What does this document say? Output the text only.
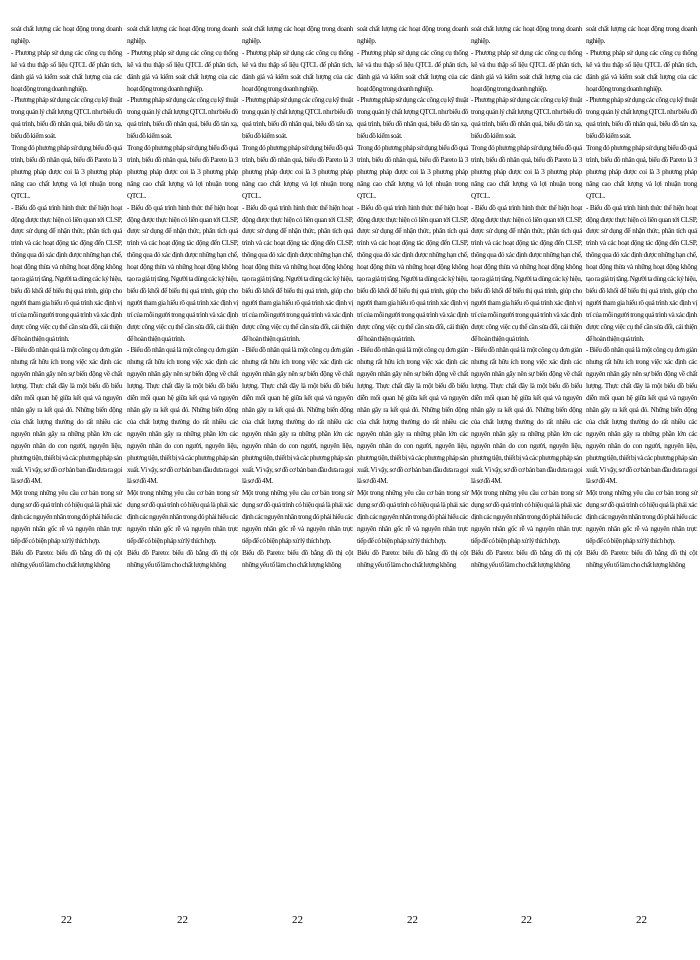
soát chất lượng các hoạt động trong doanh nghiệp.

- Phương pháp sử dụng các công cụ thống kê và thu thập số liệu QTCL để phân tích, đánh giá và kiểm soát chất lượng của các hoạt động trong doanh nghiệp.

- Phương pháp sử dụng các công cụ kỹ thuật trong quản lý chất lượng QTCL như biểu đồ quá trình, biểu đồ nhân quả, biểu đồ tán xạ, biểu đồ kiểm soát.

Trong đó phương pháp sử dụng biểu đồ quá trình, biểu đồ nhân quả, biểu đồ Pareto là 3 phương pháp được coi là 3 phương pháp nâng cao chất lượng và lợi nhuận trong QTCL.

- Biểu đồ quá trình hình thức thể hiện hoạt động được thực hiện có liên quan tới CLSP, được sử dụng để nhận thức, phân tích quá trình và các hoạt động tác động đến CLSP, thông qua đó xác định được những hạn chế, hoạt động thừa và những hoạt động không tạo ra giá trị tăng. Người ta dùng các ký hiệu, biểu đồ khối để biểu thị quá trình, giúp cho người tham gia hiểu rõ quá trình xác định vị trí của mỗi người trong quá trình và xác định được công việc cụ thể cần sửa đổi, cải thiện để hoàn thiện quá trình.

- Biểu đồ nhân quả là một công cụ đơn giản nhưng rất hữu ích trong việc xác định các nguyên nhân gây nên sự biến động về chất lượng. Thực chất đây là một biểu đồ biểu diễn mối quan hệ giữa kết quả và nguyên nhân gây ra kết quả đó. Những biến động của chất lượng thường do rất nhiều các nguyên nhân gây ra những phần lớn các nguyên nhân do con người, nguyên liệu, phương tiện, thiết bị và các phương pháp sản xuất. Vì vậy, sơ đồ cơ bản ban đầu đưa ra gọi là sơ đồ 4M.

Một trong những yêu cầu cơ bản trong sử dụng sơ đồ quá trình có hiệu quả là phải xác định các nguyên nhân trong đó phải hiểu các nguyên nhân gốc rễ và nguyên nhân trực tiếp để có biện pháp xử lý thích hợp.

Biểu đồ Pareto: biểu đồ bằng đồ thị cột những yếu tố làm cho chất lượng không

22

soát chất lượng các hoạt động trong doanh nghiệp.

- Phương pháp sử dụng các công cụ thống kê và thu thập số liệu QTCL để phân tích, đánh giá và kiểm soát chất lượng của các hoạt động trong doanh nghiệp.

- Phương pháp sử dụng các công cụ kỹ thuật trong quản lý chất lượng QTCL như biểu đồ quá trình, biểu đồ nhân quả, biểu đồ tán xạ, biểu đồ kiểm soát.

Trong đó phương pháp sử dụng biểu đồ quá trình, biểu đồ nhân quả, biểu đồ Pareto là 3 phương pháp được coi là 3 phương pháp nâng cao chất lượng và lợi nhuận trong QTCL.

- Biểu đồ quá trình hình thức thể hiện hoạt động được thực hiện có liên quan tới CLSP, được sử dụng để nhận thức, phân tích quá trình và các hoạt động tác động đến CLSP, thông qua đó xác định được những hạn chế, hoạt động thừa và những hoạt động không tạo ra giá trị tăng. Người ta dùng các ký hiệu, biểu đồ khối để biểu thị quá trình, giúp cho người tham gia hiểu rõ quá trình xác định vị trí của mỗi người trong quá trình và xác định được công việc cụ thể cần sửa đổi, cải thiện để hoàn thiện quá trình.

- Biểu đồ nhân quả là một công cụ đơn giản nhưng rất hữu ích trong việc xác định các nguyên nhân gây nên sự biến động về chất lượng. Thực chất đây là một biểu đồ biểu diễn mối quan hệ giữa kết quả và nguyên nhân gây ra kết quả đó. Những biến động của chất lượng thường do rất nhiều các nguyên nhân gây ra những phần lớn các nguyên nhân do con người, nguyên liệu, phương tiện, thiết bị và các phương pháp sản xuất. Vì vậy, sơ đồ cơ bản ban đầu đưa ra gọi là sơ đồ 4M.

Một trong những yêu cầu cơ bản trong sử dụng sơ đồ quá trình có hiệu quả là phải xác định các nguyên nhân trong đó phải hiểu các nguyên nhân gốc rễ và nguyên nhân trực tiếp để có biện pháp xử lý thích hợp.

Biểu đồ Pareto: biểu đồ bằng đồ thị cột những yếu tố làm cho chất lượng không

22

soát chất lượng các hoạt động trong doanh nghiệp.

- Phương pháp sử dụng các công cụ thống kê và thu thập số liệu QTCL để phân tích, đánh giá và kiểm soát chất lượng của các hoạt động trong doanh nghiệp.

- Phương pháp sử dụng các công cụ kỹ thuật trong quản lý chất lượng QTCL như biểu đồ quá trình, biểu đồ nhân quả, biểu đồ tán xạ, biểu đồ kiểm soát.

Trong đó phương pháp sử dụng biểu đồ quá trình, biểu đồ nhân quả, biểu đồ Pareto là 3 phương pháp được coi là 3 phương pháp nâng cao chất lượng và lợi nhuận trong QTCL.

- Biểu đồ quá trình hình thức thể hiện hoạt động được thực hiện có liên quan tới CLSP, được sử dụng để nhận thức, phân tích quá trình và các hoạt động tác động đến CLSP, thông qua đó xác định được những hạn chế, hoạt động thừa và những hoạt động không tạo ra giá trị tăng. Người ta dùng các ký hiệu, biểu đồ khối để biểu thị quá trình, giúp cho người tham gia hiểu rõ quá trình xác định vị trí của mỗi người trong quá trình và xác định được công việc cụ thể cần sửa đổi, cải thiện để hoàn thiện quá trình.

- Biểu đồ nhân quả là một công cụ đơn giản nhưng rất hữu ích trong việc xác định các nguyên nhân gây nên sự biến động về chất lượng. Thực chất đây là một biểu đồ biểu diễn mối quan hệ giữa kết quả và nguyên nhân gây ra kết quả đó. Những biến động của chất lượng thường do rất nhiều các nguyên nhân gây ra những phần lớn các nguyên nhân do con người, nguyên liệu, phương tiện, thiết bị và các phương pháp sản xuất. Vì vậy, sơ đồ cơ bản ban đầu đưa ra gọi là sơ đồ 4M.

Một trong những yêu cầu cơ bản trong sử dụng sơ đồ quá trình có hiệu quả là phải xác định các nguyên nhân trong đó phải hiểu các nguyên nhân gốc rễ và nguyên nhân trực tiếp để có biện pháp xử lý thích hợp.

Biểu đồ Pareto: biểu đồ bằng đồ thị cột những yếu tố làm cho chất lượng không

22

soát chất lượng các hoạt động trong doanh nghiệp.

- Phương pháp sử dụng các công cụ thống kê và thu thập số liệu QTCL để phân tích, đánh giá và kiểm soát chất lượng của các hoạt động trong doanh nghiệp.

- Phương pháp sử dụng các công cụ kỹ thuật trong quản lý chất lượng QTCL như biểu đồ quá trình, biểu đồ nhân quả, biểu đồ tán xạ, biểu đồ kiểm soát.

Trong đó phương pháp sử dụng biểu đồ quá trình, biểu đồ nhân quả, biểu đồ Pareto là 3 phương pháp được coi là 3 phương pháp nâng cao chất lượng và lợi nhuận trong QTCL.

- Biểu đồ quá trình hình thức thể hiện hoạt động được thực hiện có liên quan tới CLSP, được sử dụng để nhận thức, phân tích quá trình và các hoạt động tác động đến CLSP, thông qua đó xác định được những hạn chế, hoạt động thừa và những hoạt động không tạo ra giá trị tăng. Người ta dùng các ký hiệu, biểu đồ khối để biểu thị quá trình, giúp cho người tham gia hiểu rõ quá trình xác định vị trí của mỗi người trong quá trình và xác định được công việc cụ thể cần sửa đổi, cải thiện để hoàn thiện quá trình.

- Biểu đồ nhân quả là một công cụ đơn giản nhưng rất hữu ích trong việc xác định các nguyên nhân gây nên sự biến động về chất lượng. Thực chất đây là một biểu đồ biểu diễn mối quan hệ giữa kết quả và nguyên nhân gây ra kết quả đó. Những biến động của chất lượng thường do rất nhiều các nguyên nhân gây ra những phần lớn các nguyên nhân do con người, nguyên liệu, phương tiện, thiết bị và các phương pháp sản xuất. Vì vậy, sơ đồ cơ bản ban đầu đưa ra gọi là sơ đồ 4M.

Một trong những yêu cầu cơ bản trong sử dụng sơ đồ quá trình có hiệu quả là phải xác định các nguyên nhân trong đó phải hiểu các nguyên nhân gốc rễ và nguyên nhân trực tiếp để có biện pháp xử lý thích hợp.

Biểu đồ Pareto: biểu đồ bằng đồ thị cột những yếu tố làm cho chất lượng không

22

soát chất lượng các hoạt động trong doanh nghiệp.

- Phương pháp sử dụng các công cụ thống kê và thu thập số liệu QTCL để phân tích, đánh giá và kiểm soát chất lượng của các hoạt động trong doanh nghiệp.

- Phương pháp sử dụng các công cụ kỹ thuật trong quản lý chất lượng QTCL như biểu đồ quá trình, biểu đồ nhân quả, biểu đồ tán xạ, biểu đồ kiểm soát.

Trong đó phương pháp sử dụng biểu đồ quá trình, biểu đồ nhân quả, biểu đồ Pareto là 3 phương pháp được coi là 3 phương pháp nâng cao chất lượng và lợi nhuận trong QTCL.

- Biểu đồ quá trình hình thức thể hiện hoạt động được thực hiện có liên quan tới CLSP, được sử dụng để nhận thức, phân tích quá trình và các hoạt động tác động đến CLSP, thông qua đó xác định được những hạn chế, hoạt động thừa và những hoạt động không tạo ra giá trị tăng. Người ta dùng các ký hiệu, biểu đồ khối để biểu thị quá trình, giúp cho người tham gia hiểu rõ quá trình xác định vị trí của mỗi người trong quá trình và xác định được công việc cụ thể cần sửa đổi, cải thiện để hoàn thiện quá trình.

- Biểu đồ nhân quả là một công cụ đơn giản nhưng rất hữu ích trong việc xác định các nguyên nhân gây nên sự biến động về chất lượng. Thực chất đây là một biểu đồ biểu diễn mối quan hệ giữa kết quả và nguyên nhân gây ra kết quả đó. Những biến động của chất lượng thường do rất nhiều các nguyên nhân gây ra những phần lớn các nguyên nhân do con người, nguyên liệu, phương tiện, thiết bị và các phương pháp sản xuất. Vì vậy, sơ đồ cơ bản ban đầu đưa ra gọi là sơ đồ 4M.

Một trong những yêu cầu cơ bản trong sử dụng sơ đồ quá trình có hiệu quả là phải xác định các nguyên nhân trong đó phải hiểu các nguyên nhân gốc rễ và nguyên nhân trực tiếp để có biện pháp xử lý thích hợp.

Biểu đồ Pareto: biểu đồ bằng đồ thị cột những yếu tố làm cho chất lượng không

22

soát chất lượng các hoạt động trong doanh nghiệp.

- Phương pháp sử dụng các công cụ thống kê và thu thập số liệu QTCL để phân tích, đánh giá và kiểm soát chất lượng của các hoạt động trong doanh nghiệp.

- Phương pháp sử dụng các công cụ kỹ thuật trong quản lý chất lượng QTCL như biểu đồ quá trình, biểu đồ nhân quả, biểu đồ tán xạ, biểu đồ kiểm soát.

Trong đó phương pháp sử dụng biểu đồ quá trình, biểu đồ nhân quả, biểu đồ Pareto là 3 phương pháp được coi là 3 phương pháp nâng cao chất lượng và lợi nhuận trong QTCL.

- Biểu đồ quá trình hình thức thể hiện hoạt động được thực hiện có liên quan tới CLSP, được sử dụng để nhận thức, phân tích quá trình và các hoạt động tác động đến CLSP, thông qua đó xác định được những hạn chế, hoạt động thừa và những hoạt động không tạo ra giá trị tăng. Người ta dùng các ký hiệu, biểu đồ khối để biểu thị quá trình, giúp cho người tham gia hiểu rõ quá trình xác định vị trí của mỗi người trong quá trình và xác định được công việc cụ thể cần sửa đổi, cải thiện để hoàn thiện quá trình.

- Biểu đồ nhân quả là một công cụ đơn giản nhưng rất hữu ích trong việc xác định các nguyên nhân gây nên sự biến động về chất lượng. Thực chất đây là một biểu đồ biểu diễn mối quan hệ giữa kết quả và nguyên nhân gây ra kết quả đó. Những biến động của chất lượng thường do rất nhiều các nguyên nhân gây ra những phần lớn các nguyên nhân do con người, nguyên liệu, phương tiện, thiết bị và các phương pháp sản xuất. Vì vậy, sơ đồ cơ bản ban đầu đưa ra gọi là sơ đồ 4M.

Một trong những yêu cầu cơ bản trong sử dụng sơ đồ quá trình có hiệu quả là phải xác định các nguyên nhân trong đó phải hiểu các nguyên nhân gốc rễ và nguyên nhân trực tiếp để có biện pháp xử lý thích hợp.

Biểu đồ Pareto: biểu đồ bằng đồ thị cột những yếu tố làm cho chất lượng không

22
